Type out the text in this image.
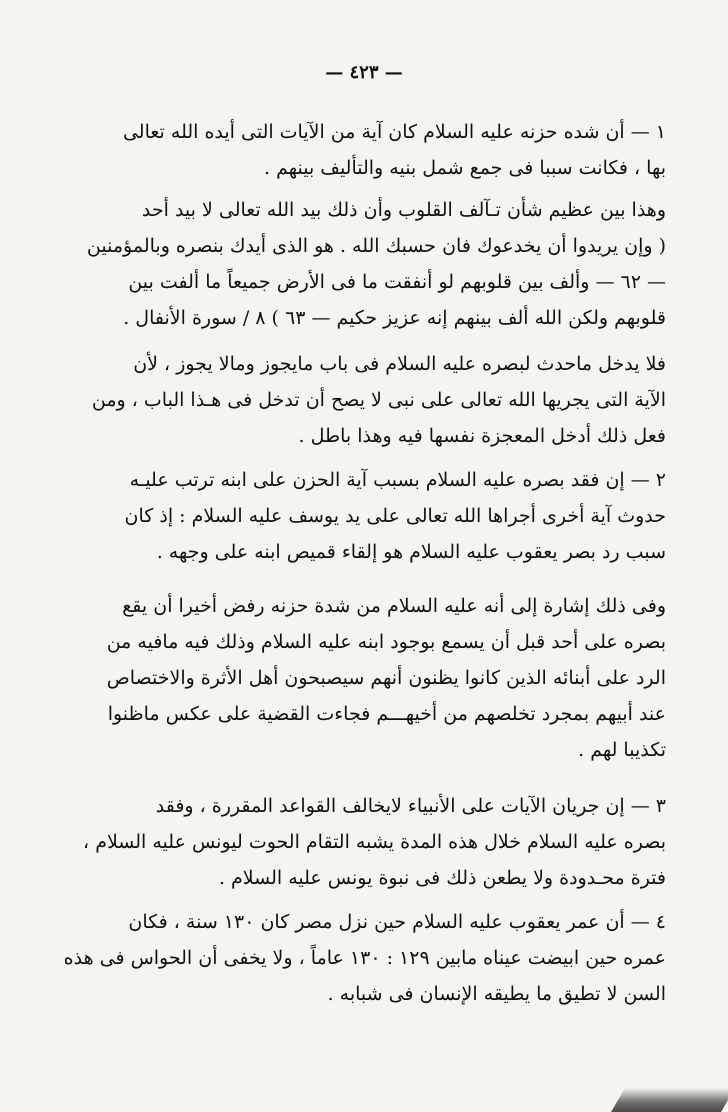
— ٤٢٣ —
١ — أن شده حزنه عليه السلام كان آية من الآيات التى أيده الله تعالى
بها ، فكانت سببا فى جمع شمل بنيه والتأليف بينهم .
وهذا بين عظيم شأن تـآلف القلوب وأن ذلك بيد الله تعالى لا بيد أحد
( وإن يريدوا أن يخدعوك فان حسبك الله . هو الذى أيدك بنصره وبالمؤمنين
— ٦٢ — وألف بين قلوبهم لو أنفقت ما فى الأرض جميعاً ما ألفت بين
قلوبهم ولكن الله ألف بينهم إنه عزيز حكيم — ٦٣ ) ٨ / سورة الأنفال .
فلا يدخل ماحدث لبصره عليه السلام فى باب مايجوز ومالا يجوز ، لأن
الآية التى يجريها الله تعالى على نبى لا يصح أن تدخل فى هـذا الباب ، ومن
فعل ذلك أدخل المعجزة نفسها فيه وهذا باطل .
٢ — إن فقد بصره عليه السلام بسبب آية الحزن على ابنه ترتب عليـه
حدوث آية أخرى أجراها الله تعالى على يد يوسف عليه السلام : إذ كان
سبب رد بصر يعقوب عليه السلام هو إلقاء قميص ابنه على وجهه .
وفى ذلك إشارة إلى أنه عليه السلام من شدة حزنه رفض أخيرا أن يقع
بصره على أحد قبل أن يسمع بوجود ابنه عليه السلام وذلك فيه مافيه من
الرد على أبنائه الذين كانوا يظنون أنهم سيصبحون أهل الأثرة والاختصاص
عند أبيهم بمجرد تخلصهم من أخيهـــم فجاءت القضية على عكس ماظنوا
تكذيبا لهم .
٣ — إن جريان الآيات على الأنبياء لايخالف القواعد المقررة ، وفقد
بصره عليه السلام خلال هذه المدة يشبه التقام الحوت ليونس عليه السلام ،
فترة محـدودة ولا يطعن ذلك فى نبوة يونس عليه السلام .
٤ — أن عمر يعقوب عليه السلام حين نزل مصر كان ١٣٠ سنة ، فكان
عمره حين ابيضت عيناه مابين ١٢٩ : ١٣٠ عاماً ، ولا يخفى أن الحواس فى هذه
السن لا تطيق ما يطيقه الإنسان فى شبابه .
